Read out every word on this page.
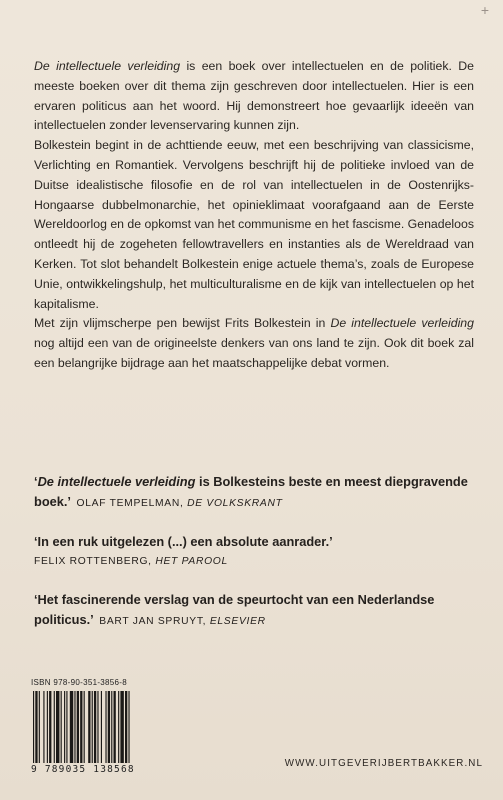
+

De intellectuele verleiding is een boek over intellectuelen en de politiek. De meeste boeken over dit thema zijn geschreven door intellectuelen. Hier is een ervaren politicus aan het woord. Hij demonstreert hoe gevaarlijk ideeën van intellectuelen zonder levenservaring kunnen zijn.

Bolkestein begint in de achttiende eeuw, met een beschrijving van classicisme, Verlichting en Romantiek. Vervolgens beschrijft hij de politieke invloed van de Duitse idealistische filosofie en de rol van intellectuelen in de Oostenrijks-Hongaarse dubbelmonarchie, het opinieklimaat voorafgaand aan de Eerste Wereldoorlog en de opkomst van het communisme en het fascisme. Genadeloos ontleedt hij de zogeheten fellowtravellers en instanties als de Wereldraad van Kerken. Tot slot behandelt Bolkestein enige actuele thema’s, zoals de Europese Unie, ontwikkelingshulp, het multiculturalisme en de kijk van intellectuelen op het kapitalisme.

Met zijn vlijmscherpe pen bewijst Frits Bolkestein in De intellectuele verleiding nog altijd een van de origineelste denkers van ons land te zijn. Ook dit boek zal een belangrijke bijdrage aan het maatschappelijke debat vormen.

‘De intellectuele verleiding is Bolkesteins beste en meest diepgravende boek.’ OLAF TEMPELMAN, DE VOLKSKRANT

‘In een ruk uitgelezen (...) een absolute aanrader.’
FELIX ROTTENBERG, HET PAROOL

‘Het fascinerende verslag van de speurtocht van een Nederlandse politicus.’ BART JAN SPRUYT, ELSEVIER

ISBN 978-90-351-3856-8
9 789035 138568
WWW.UITGEVERIJBERTBAKKER.NL
